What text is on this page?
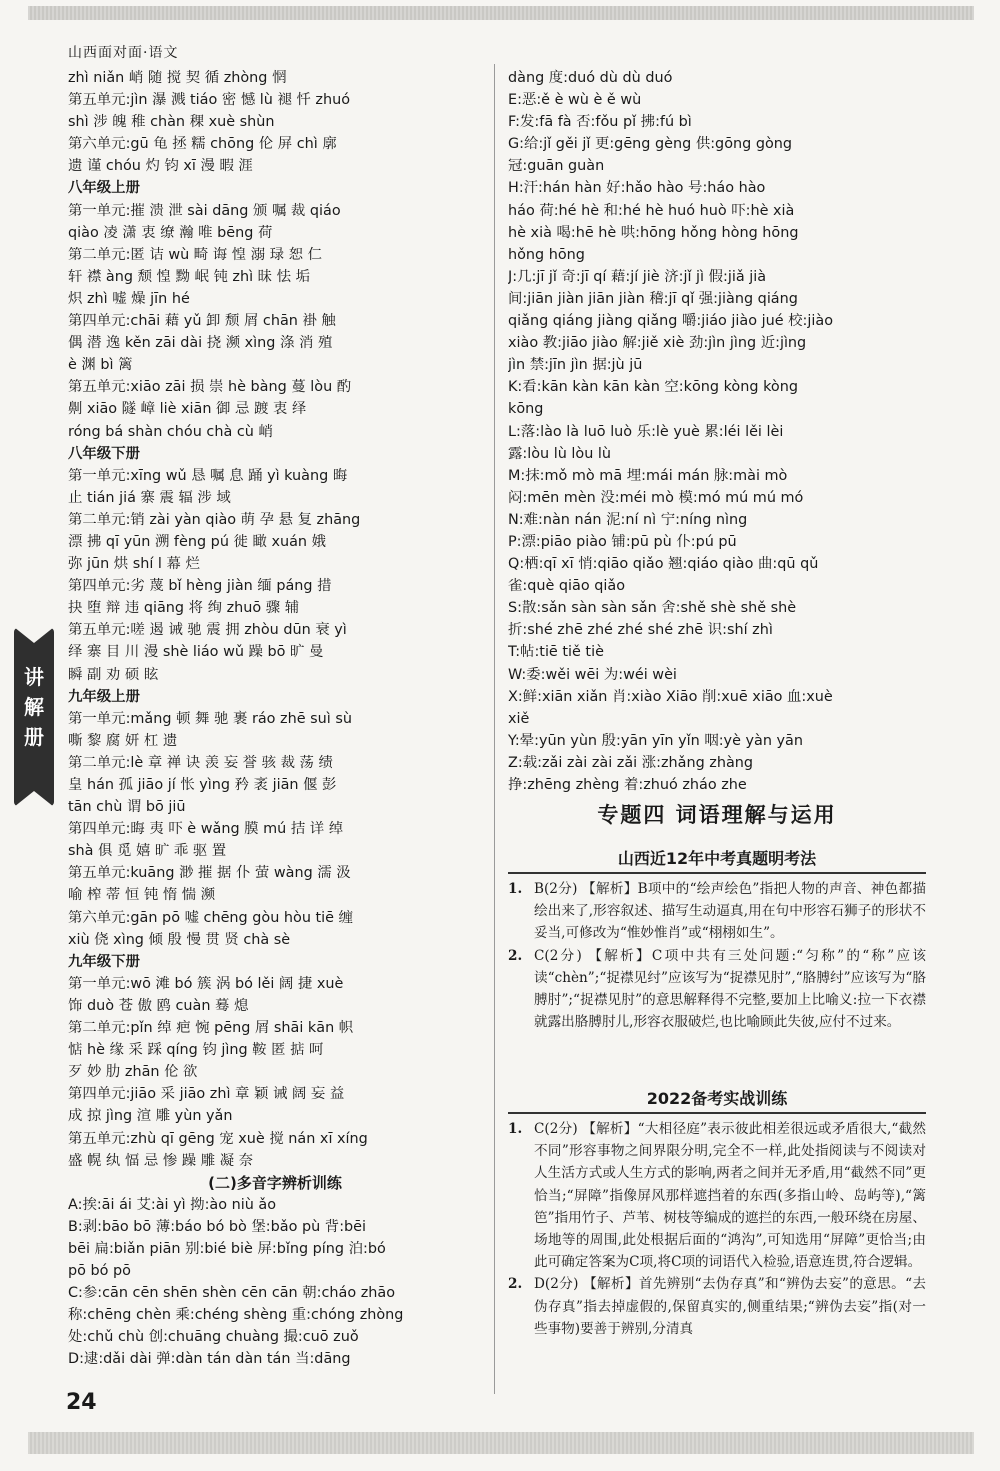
山西面对面·语文
zhì niǎn 峭 随 搅 契 循 zhòng 惘
第五单元:jìn 瀑 溅 tiáo 密 憾 lù 褪 忏 zhuó
shì 涉 魄 稚 chàn 稞 xuè shùn
第六单元:gū 龟 拯 糯 chōng 伦 屏 chì 廓
遗 谨 chóu 灼 钧 xī 漫 暇 涯
八年级上册
第一单元:摧 溃 泄 sài dāng 颁 嘱 裁 qiáo
qiào 凌 潇 衷 缭 瀚 唯 bēng 荷
第二单元:匿 诘 wù 畸 诲 惶 溺 琭 恕 仁
轩 襟 àng 颓 惶 黝 岷 钝 zhì 昧 怯 垢
炽 zhì 嘘 燥 jīn hé
第四单元:chāi 藉 yǔ 卸 颓 屑 chān 褂 触
偶 潜 逸 kěn zāi dài 挠 濒 xìng 涤 消 殖
è 渊 bì 篱
第五单元:xiāo zāi 损 崇 hè bàng 蔓 lòu 酌
劓 xiāo 隧 嶂 liè xiān 御 忌 踱 衷 绎
róng bá shàn chóu chà cù 峭
八年级下册
第一单元:xīng wǔ 恳 嘱 息 踊 yì kuàng 晦
止 tián jiá 寨 震 辐 涉 域
第二单元:销 zài yàn qiào 萌 孕 悬 复 zhāng
漂 拂 qī yūn 溯 fèng pú 徙 瞰 xuán 娥
弥 jūn 烘 shí l 幕 烂
第四单元:劣 蔑 bǐ hèng jiàn 缅 páng 措
抉 堕 辩 违 qiāng 将 绚 zhuō 骤 辅
第五单元:嗟 遏 诫 驰 震 拥 zhòu dūn 衰 yì
绎 寨 目 川 漫 shè liáo wǔ 躁 bō 旷 曼
瞬 副 劝 硕 眩
九年级上册
第一单元:mǎng 顿 舞 驰 裹 ráo zhē suì sù
嘶 黎 腐 妍 杠 遗
第二单元:lè 章 禅 诀 羡 妄 誉 骇 裁 荡 绩
皇 hán 孤 jiāo jí 怅 yìng 矜 袤 jiān 偃 彭
tān chù 谓 bō jiū
第四单元:晦 夷 吓 è wǎng 膜 mú 拮 详 绰
shà 俱 觅 嬉 旷 乖 驱 置
第五单元:kuāng 渺 摧 据 仆 萤 wàng 濡 汲
喻 榨 蒂 恒 钝 惰 惴 濒
第六单元:gān pō 嘘 chēng gòu hòu tiē 缠
xiù 侥 xìng 倾 殷 慢 贯 贤 chà sè
九年级下册
第一单元:wō 滩 bó 簇 涡 bó lěi 阔 捷 xuè
饰 duò 苍 傲 鸥 cuàn 蓦 熄
第二单元:pǐn 绰 疤 惋 pēng 屑 shāi kān 帜
惦 hè 缘 采 踩 qíng 钧 jìng 鞍 匿 掂 呵
歹 妙 肋 zhān 伦 欲
第四单元:jiāo 采 jiāo zhì 章 颖 诫 阔 妄 益
成 掠 jìng 渲 雕 yùn yǎn
第五单元:zhù qī gēng 宠 xuè 搅 nán xī xíng
盛 幌 纨 愊 忌 惨 躁 雕 凝 奈
(二)多音字辨析训练
A:挨:āi ái 艾:ài yì 拗:ào niù ǎo
B:剥:bāo bō 薄:báo bó bò 堡:bǎo pù 背:bēi
bēi 扁:biǎn piān 别:bié biè 屏:bǐng píng 泊:bó
pō bó pō
C:参:cān cēn shēn shèn cēn cān 朝:cháo zhāo
称:chēng chèn 乘:chéng shèng 重:chóng zhòng
处:chǔ chù 创:chuāng chuàng 撮:cuō zuǒ
D:逮:dǎi dài 弹:dàn tán dàn tán 当:dāng
dàng 度:duó dù dù duó
E:恶:ě è wù è ě wù
F:发:fā fà 否:fǒu pǐ 拂:fú bì
G:给:jǐ gěi jǐ 更:gēng gèng 供:gōng gòng
冠:guān guàn
H:汗:hán hàn 好:hǎo hào 号:háo hào
háo 荷:hé hè 和:hé hè huó huò 吓:hè xià
hè xià 喝:hē hè 哄:hōng hǒng hòng hōng
hǒng hōng
J:几:jī jǐ 奇:jī qí 藉:jí jiè 济:jǐ jì 假:jiǎ jià
间:jiān jiàn jiān jiàn 稽:jī qǐ 强:jiàng qiáng
qiǎng qiáng jiàng qiǎng 嚼:jiáo jiào jué 校:jiào
xiào 教:jiāo jiào 解:jiě xiè 劲:jìn jìng 近:jìng
jìn 禁:jīn jìn 据:jù jū
K:看:kān kàn kān kàn 空:kōng kòng kòng
kōng
L:落:lào là luō luò 乐:lè yuè 累:léi lěi lèi
露:lòu lù lòu lù
M:抹:mǒ mò mā 埋:mái mán 脉:mài mò
闷:mēn mèn 没:méi mò 模:mó mú mú mó
N:难:nàn nán 泥:ní nì 宁:níng nìng
P:漂:piāo piào 铺:pū pù 仆:pú pū
Q:栖:qī xī 悄:qiāo qiǎo 翘:qiáo qiào 曲:qū qǔ
雀:què qiāo qiǎo
S:散:sǎn sàn sàn sǎn 舍:shě shè shě shè
折:shé zhē zhé zhé shé zhē 识:shí zhì
T:帖:tiē tiě tiè
W:委:wěi wēi 为:wéi wèi
X:鲜:xiān xiǎn 肖:xiào Xiāo 削:xuē xiāo 血:xuè
xiě
Y:晕:yūn yùn 殷:yān yīn yǐn 咽:yè yàn yān
Z:载:zǎi zài zài zǎi 涨:zhǎng zhàng
挣:zhēng zhèng 着:zhuó zháo zhe
专题四 词语理解与运用
山西近12年中考真题明考法
1. B(2分) 【解析】B项中的“绘声绘色”指把人物的声音、神色都描绘出来了,形容叙述、描写生动逼真,用在句中形容石狮子的形状不妥当,可修改为“惟妙惟肖”或“栩栩如生”。
2. C(2分) 【解析】C项中共有三处问题:“匀称”的“称”应该读“chèn”;“捉襟见纣”应该写为“捉襟见肘”,“胳膊纣”应该写为“胳膊肘”;“捉襟见肘”的意思解释得不完整,要加上比喻义:拉一下衣襟就露出胳膊肘儿,形容衣服破烂,也比喻顾此失彼,应付不过来。
2022备考实战训练
1. C(2分) 【解析】“大相径庭”表示彼此相差很远或矛盾很大,“截然不同”形容事物之间界限分明,完全不一样,此处指阅读与不阅读对人生活方式或人生方式的影响,两者之间并无矛盾,用“截然不同”更恰当;“屏障”指像屏风那样遮挡着的东西(多指山岭、岛屿等),“篱笆”指用竹子、芦苇、树枝等编成的遮拦的东西,一般环绕在房屋、场地等的周围,此处根据后面的“鸿沟”,可知选用“屏障”更恰当;由此可确定答案为C项,将C项的词语代入检验,语意连贯,符合逻辑。
2. D(2分) 【解析】首先辨别“去伪存真”和“辨伪去妄”的意思。“去伪存真”指去掉虚假的,保留真实的,侧重结果;“辨伪去妄”指(对一些事物)要善于辨别,分清真
讲
解
册
24
